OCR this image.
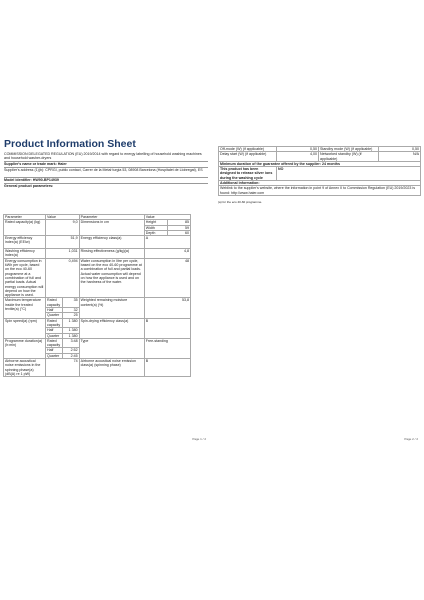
Product Information Sheet
COMMISSION DELEGATED REGULATION (EU) 2019/2014 with regard to energy labelling of household washing machines and household washer-dryers
Supplier's name or trade mark: Haier
Supplier's address (1)(b): CPRGI, public contact, Carrer de la Metal·lurgia 53, 08908 Barcelona (Hospitalet de Llobregat), ES
Model identifier: HW90-BP14939
General product parameters:
Parameter	Value		Parameter	Value	
Rated capacity(a) (kg)	9,0		Dimensions in cm	Height	85
				Width	59
				Depth	60
Energy efficiency index(a) (EEIw)	51,9		Energy efficiency class(a)	A	
Washing efficiency index(a)	1,031		Rinsing effectiveness (g/kg)(a)	4,8	
Energy consumption in kWh per cycle, based on the eco 40-60 programme at a combination of full and partial loads. Actual energy consumption will depend on how the appliance is used.	0,494		Water consumption in litre per cycle, based on the eco 40-60 programme at a combination of full and partial loads. Actual water consumption will depend on how the appliance is used and on the hardness of the water.	48	
Maximum temperature inside the treated textile(a) (°C)	Rated capacity	35	Weighted remaining moisture content(a) (%)	53,8	
	Half	32			
	Quarter	25			
Spin speed(a) (rpm)	Rated capacity	1 380	Spin-drying efficiency class(a)	B	
	Half	1 380			
	Quarter	1 380			
Programme duration(a) (h:min)	Rated capacity	3:48	Type	Free-standing	
	Half	2:52			
	Quarter	2:45			
Airborne acoustical noise emissions in the spinning phase(a) (dB(A) re 1 pW)	74		Airborne acoustical noise emission class(a) (spinning phase)	B	
Page 1 / 2
Off-mode (W) (if applicable)	0,50	Standby mode (W) (if applicable)	0,50
Delay start (W) (if applicable)	4,00	Networked standby (W) (if applicable)	N/A
Minimum duration of the guarantee offered by the supplier: 24 months			
This product has been designed to release silver ions during the washing cycle	NO		
Additional information:			
Weblink to the supplier's website, where the information in point 9 of Annex II to Commission Regulation (EU) 2019/2023 is found: http://www.haier.com			
(a) for the eco 40-60 programme.
Page 2 / 2
